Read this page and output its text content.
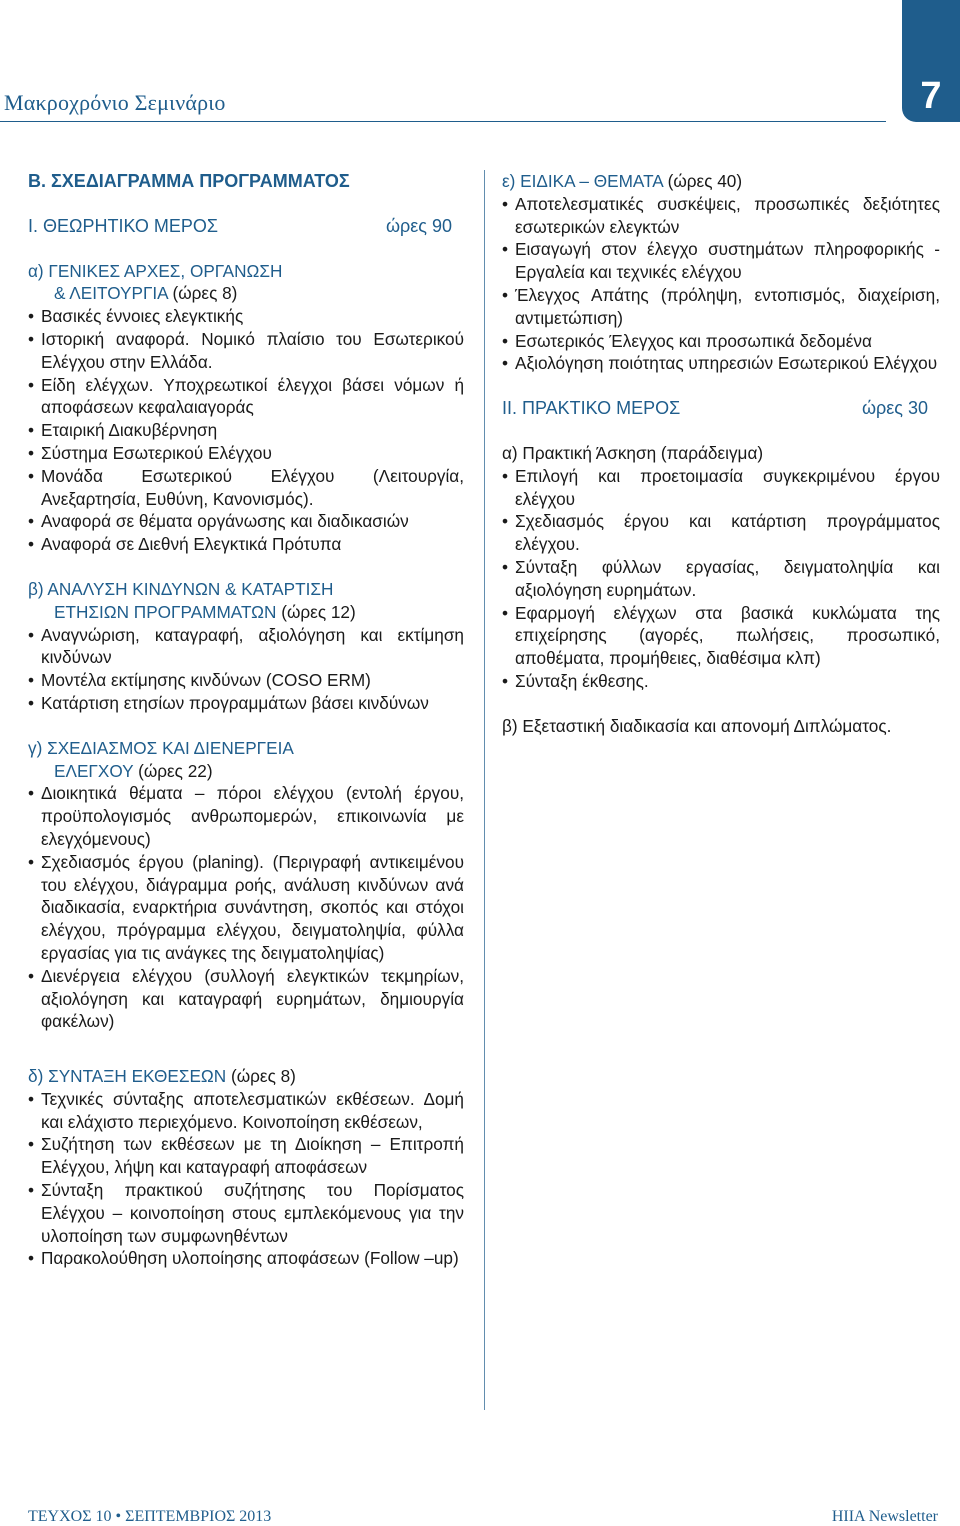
Μακροχρόνιο Σεμινάριο	7
Β. ΣΧΕΔΙΑΓΡΑΜΜΑ ΠΡΟΓΡΑΜΜΑΤΟΣ
Ι. ΘΕΩΡΗΤΙΚΟ ΜΕΡΟΣ	ώρες 90
α) ΓΕΝΙΚΕΣ ΑΡΧΕΣ, ΟΡΓΑΝΩΣΗ
& ΛΕΙΤΟΥΡΓΙΑ (ώρες 8)
• Βασικές έννοιες ελεγκτικής
• Ιστορική αναφορά. Νομικό πλαίσιο του Εσωτερικού Ελέγχου στην Ελλάδα.
• Είδη ελέγχων. Υποχρεωτικοί έλεγχοι βάσει νόμων ή αποφάσεων κεφαλαιαγοράς
• Εταιρική Διακυβέρνηση
• Σύστημα Εσωτερικού Ελέγχου
• Μονάδα Εσωτερικού Ελέγχου (Λειτουργία, Ανεξαρτησία, Ευθύνη, Κανονισμός).
• Αναφορά σε θέματα οργάνωσης και διαδικασιών
• Αναφορά σε Διεθνή Ελεγκτικά Πρότυπα
β) ΑΝΑΛΥΣΗ ΚΙΝΔΥΝΩΝ & ΚΑΤΑΡΤΙΣΗ
ΕΤΗΣΙΩΝ ΠΡΟΓΡΑΜΜΑΤΩΝ (ώρες 12)
• Αναγνώριση, καταγραφή, αξιολόγηση και εκτίμηση κινδύνων
• Μοντέλα εκτίμησης κινδύνων (COSO ERM)
• Κατάρτιση ετησίων προγραμμάτων βάσει κινδύνων
γ) ΣΧΕΔΙΑΣΜΟΣ ΚΑΙ ΔΙΕΝΕΡΓΕΙΑ
ΕΛΕΓΧΟΥ (ώρες 22)
• Διοικητικά θέματα – πόροι ελέγχου (εντολή έργου, προϋπολογισμός ανθρωπομερών, επικοινωνία με ελεγχόμενους)
• Σχεδιασμός έργου (planing). (Περιγραφή αντικειμένου του ελέγχου, διάγραμμα ροής, ανάλυση κινδύνων ανά διαδικασία, εναρκτήρια συνάντηση, σκοπός και στόχοι ελέγχου, πρόγραμμα ελέγχου, δειγματοληψία, φύλλα εργασίας για τις ανάγκες της δειγματοληψίας)
• Διενέργεια ελέγχου (συλλογή ελεγκτικών τεκμηρίων, αξιολόγηση και καταγραφή ευρημάτων, δημιουργία φακέλων)
δ) ΣΥΝΤΑΞΗ ΕΚΘΕΣΕΩΝ (ώρες 8)
• Τεχνικές σύνταξης αποτελεσματικών εκθέσεων. Δομή και ελάχιστο περιεχόμενο. Κοινοποίηση εκθέσεων,
• Συζήτηση των εκθέσεων με τη Διοίκηση – Επιτροπή Ελέγχου, λήψη και καταγραφή αποφάσεων
• Σύνταξη πρακτικού συζήτησης του Πορίσματος Ελέγχου – κοινοποίηση στους εμπλεκόμενους για την υλοποίηση των συμφωνηθέντων
• Παρακολούθηση υλοποίησης αποφάσεων (Follow –up)
ε) ΕΙΔΙΚΑ – ΘΕΜΑΤΑ (ώρες 40)
• Αποτελεσματικές συσκέψεις, προσωπικές δεξιότητες εσωτερικών ελεγκτών
• Εισαγωγή στον έλεγχο συστημάτων πληροφορικής - Εργαλεία και τεχνικές ελέγχου
• Έλεγχος Απάτης (πρόληψη, εντοπισμός, διαχείριση, αντιμετώπιση)
• Εσωτερικός Έλεγχος και προσωπικά δεδομένα
• Αξιολόγηση ποιότητας υπηρεσιών Εσωτερικού Ελέγχου
ΙΙ. ΠΡΑΚΤΙΚΟ ΜΕΡΟΣ	ώρες 30
α) Πρακτική Άσκηση (παράδειγμα)
• Επιλογή και προετοιμασία συγκεκριμένου έργου ελέγχου
• Σχεδιασμός έργου και κατάρτιση προγράμματος ελέγχου.
• Σύνταξη φύλλων εργασίας, δειγματοληψία και αξιολόγηση ευρημάτων.
• Εφαρμογή ελέγχων στα βασικά κυκλώματα της επιχείρησης (αγορές, πωλήσεις, προσωπικό, αποθέματα, προμήθειες, διαθέσιμα κλπ)
• Σύνταξη έκθεσης.
β) Εξεταστική διαδικασία και απονομή Διπλώματος.
ΤΕΥΧΟΣ 10 • ΣΕΠΤΕΜΒΡΙΟΣ 2013	HIIA Newsletter
